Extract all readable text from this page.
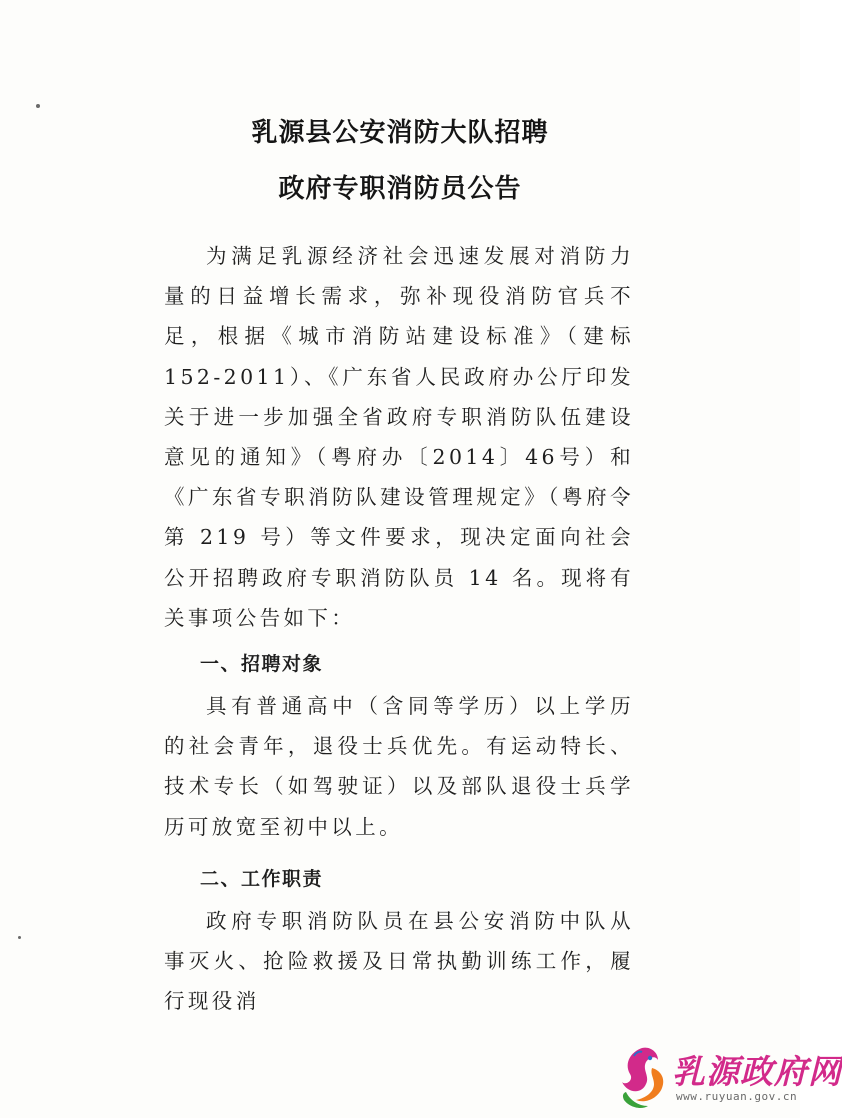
乳源县公安消防大队招聘
政府专职消防员公告

为满足乳源经济社会迅速发展对消防力量的日益增长需求，弥补现役消防官兵不足，根据《城市消防站建设标准》（建标 152-2011）、《广东省人民政府办公厅印发关于进一步加强全省政府专职消防队伍建设意见的通知》（粤府办〔2014〕46号）和《广东省专职消防队建设管理规定》（粤府令第 219 号）等文件要求，现决定面向社会公开招聘政府专职消防队员 14 名。现将有关事项公告如下：

一、招聘对象

具有普通高中（含同等学历）以上学历的社会青年，退役士兵优先。有运动特长、技术专长（如驾驶证）以及部队退役士兵学历可放宽至初中以上。

二、工作职责

政府专职消防队员在县公安消防中队从事灭火、抢险救援及日常执勤训练工作，履行现役消

乳源政府网
www.ruyuan.gov.cn
